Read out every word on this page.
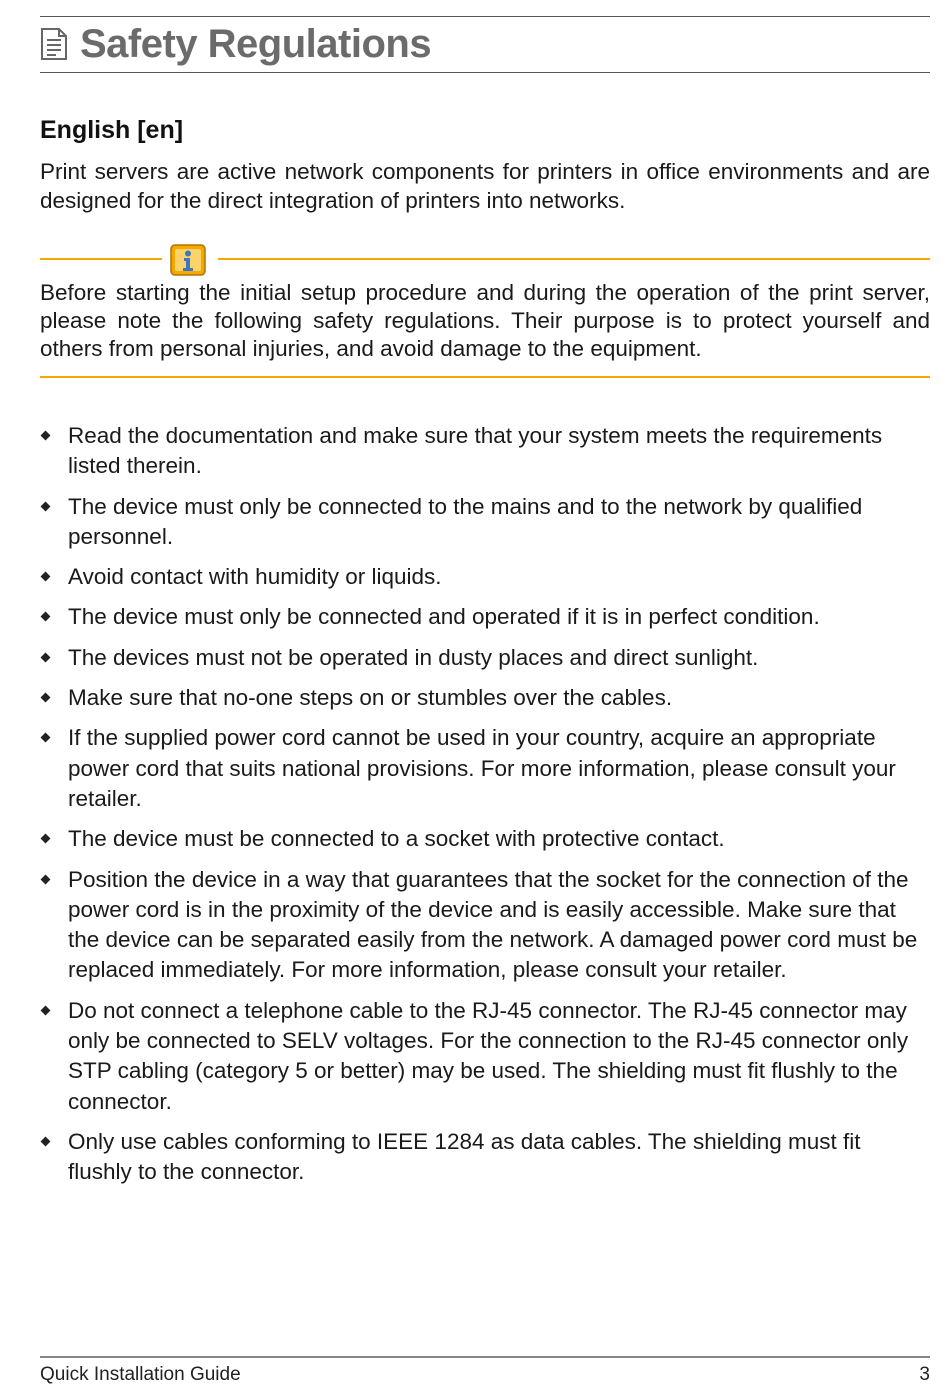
Safety Regulations
English [en]
Print servers are active network components for printers in office environments and are designed for the direct integration of printers into networks.
Before starting the initial setup procedure and during the operation of the print server, please note the following safety regulations. Their purpose is to protect yourself and others from personal injuries, and avoid damage to the equipment.
Read the documentation and make sure that your system meets the requirements listed therein.
The device must only be connected to the mains and to the network by qualified personnel.
Avoid contact with humidity or liquids.
The device must only be connected and operated if it is in perfect condition.
The devices must not be operated in dusty places and direct sunlight.
Make sure that no-one steps on or stumbles over the cables.
If the supplied power cord cannot be used in your country, acquire an appropriate power cord that suits national provisions. For more information, please consult your retailer.
The device must be connected to a socket with protective contact.
Position the device in a way that guarantees that the socket for the connection of the power cord is in the proximity of the device and is easily accessible. Make sure that the device can be separated easily from the network. A damaged power cord must be replaced immediately. For more information, please consult your retailer.
Do not connect a telephone cable to the RJ-45 connector. The RJ-45 connector may only be connected to SELV voltages. For the connection to the RJ-45 connector only STP cabling (category 5 or better) may be used. The shielding must fit flushly to the connector.
Only use cables conforming to IEEE 1284 as data cables. The shielding must fit flushly to the connector.
Quick Installation Guide	3
